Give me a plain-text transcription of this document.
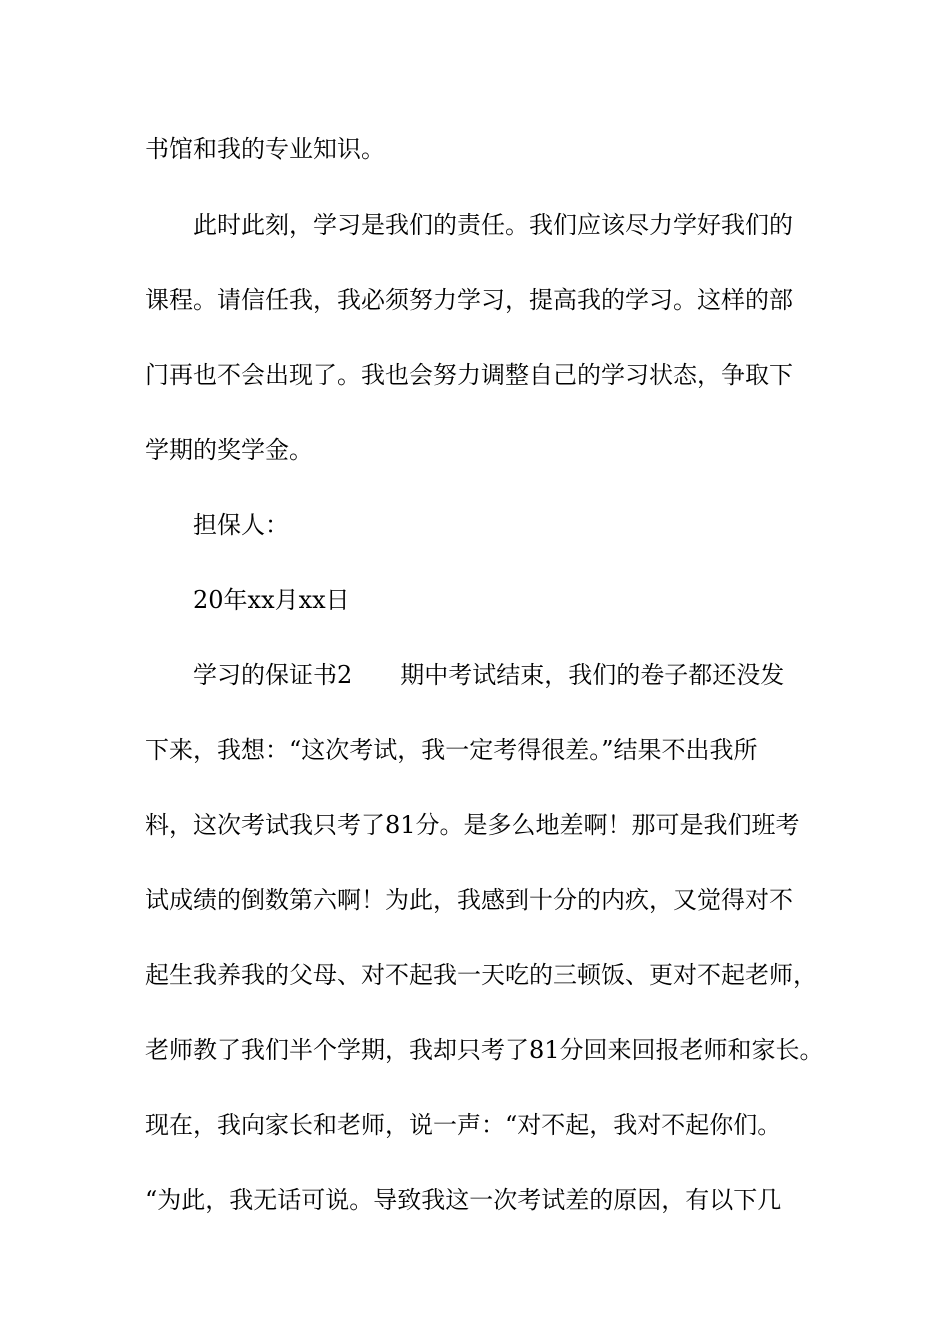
书馆和我的专业知识。
此时此刻，学习是我们的责任。我们应该尽力学好我们的
课程。请信任我，我必须努力学习，提高我的学习。这样的部
门再也不会出现了。我也会努力调整自己的学习状态，争取下
学期的奖学金。
担保人：
20年xx月xx日
学习的保证书2　　期中考试结束，我们的卷子都还没发
下来，我想：“这次考试，我一定考得很差。”结果不出我所
料，这次考试我只考了81分。是多么地差啊！那可是我们班考
试成绩的倒数第六啊！为此，我感到十分的内疚，又觉得对不
起生我养我的父母、对不起我一天吃的三顿饭、更对不起老师，
老师教了我们半个学期，我却只考了81分回来回报老师和家长。
现在，我向家长和老师，说一声：“对不起，我对不起你们。
“为此，我无话可说。导致我这一次考试差的原因，有以下几
